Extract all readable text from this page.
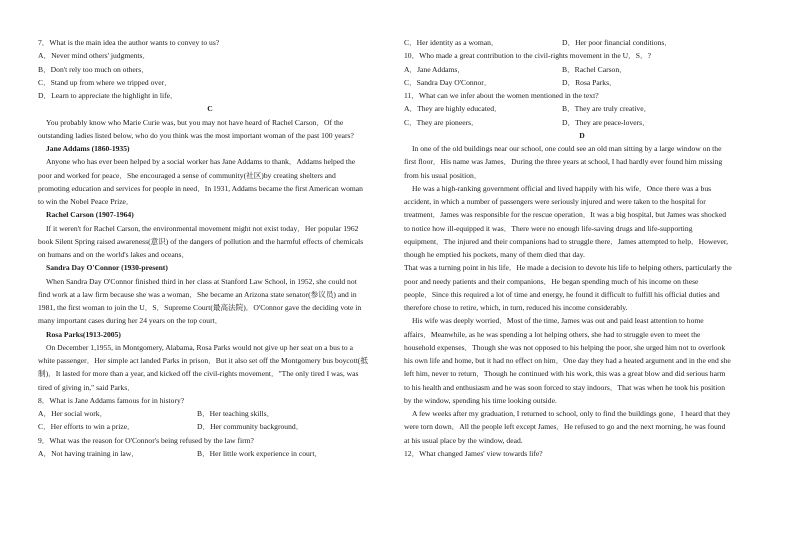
7．What is the main idea the author wants to convey to us?
A．Never mind others' judgments．
B．Don't rely too much on others．
C．Stand up from where we tripped over．
D．Learn to appreciate the highlight in life．
C
You probably know who Marie Curie was, but you may not have heard of Rachel Carson．Of the
outstanding ladies listed below, who do you think was the most important woman of the past 100 years?
Jane Addams (1860-1935)
Anyone who has ever been helped by a social worker has Jane Addams to thank．Addams helped the
poor and worked for peace．She encouraged a sense of community(社区)by creating shelters and
promoting education and services for people in need．In 1931, Addams became the first American woman
to win the Nobel Peace Prize．
Rachel Carson (1907-1964)
If it weren't for Rachel Carson, the environmental movement might not exist today．Her popular 1962
book Silent Spring raised awareness(意识) of the dangers of pollution and the harmful effects of chemicals
on humans and on the world's lakes and oceans．
Sandra Day O'Connor (1930-present)
When Sandra Day O'Connor finished third in her class at Stanford Law School, in 1952, she could not
find work at a law firm because she was a woman．She became an Arizona state senator(参议员) and in
1981, the first woman to join the U．S．Supreme Court(最高法院)．O'Connor gave the deciding vote in
many important cases during her 24 years on the top court．
Rosa Parks(1913-2005)
On December 1,1955, in Montgomery, Alabama, Rosa Parks would not give up her seat on a bus to a
white passenger．Her simple act landed Parks in prison．But it also set off the Montgomery bus boycott(抵
制)．It lasted for more than a year, and kicked off the civil-rights movement．"The only tired I was, was
tired of giving in," said Parks．
8．What is Jane Addams famous for in history?
A．Her social work．	B．Her teaching skills．
C．Her efforts to win a prize．	D．Her community background．
9．What was the reason for O'Connor's being refused by the law firm?
A．Not having training in law．	B．Her little work experience in court．
C．Her identity as a woman．	D．Her poor financial conditions．
10．Who made a great contribution to the civil-rights movement in the U．S．?
A．Jane Addams．	B．Rachel Carson．
C．Sandra Day O'Connor．	D．Rosa Parks．
11．What can we infer about the women mentioned in the text?
A．They are highly educated．	B．They are truly creative．
C．They are pioneers．	D．They are peace-lovers．
D
In one of the old buildings near our school, one could see an old man sitting by a large window on the
first floor．His name was James．During the three years at school, I had hardly ever found him missing
from his usual position．
He was a high-ranking government official and lived happily with his wife．Once there was a bus
accident, in which a number of passengers were seriously injured and were taken to the hospital for
treatment．James was responsible for the rescue operation．It was a big hospital, but James was shocked
to notice how ill-equipped it was．There were no enough life-saving drugs and life-supporting
equipment．The injured and their companions had to struggle there．James attempted to help．However,
though he emptied his pockets, many of them died that day.
That was a turning point in his life．He made a decision to devote his life to helping others, particularly the
poor and needy patients and their companions．He began spending much of his income on these
people．Since this required a lot of time and energy, he found it difficult to fulfill his official duties and
therefore chose to retire, which, in turn, reduced his income considerably.
His wife was deeply worried．Most of the time, James was out and paid least attention to home
affairs．Meanwhile, as he was spending a lot helping others, she had to struggle even to meet the
household expenses．Though she was not opposed to his helping the poor, she urged him not to overlook
his own life and home, but it had no effect on him．One day they had a heated argument and in the end she
left him, never to return．Though he continued with his work, this was a great blow and did serious harm
to his health and enthusiasm and he was soon forced to stay indoors．That was when he took his position
by the window, spending his time looking outside.
A few weeks after my graduation, I returned to school, only to find the buildings gone．I heard that they
were torn down．All the people left except James．He refused to go and the next morning, he was found
at his usual place by the window, dead.
12．What changed James' view towards life?
